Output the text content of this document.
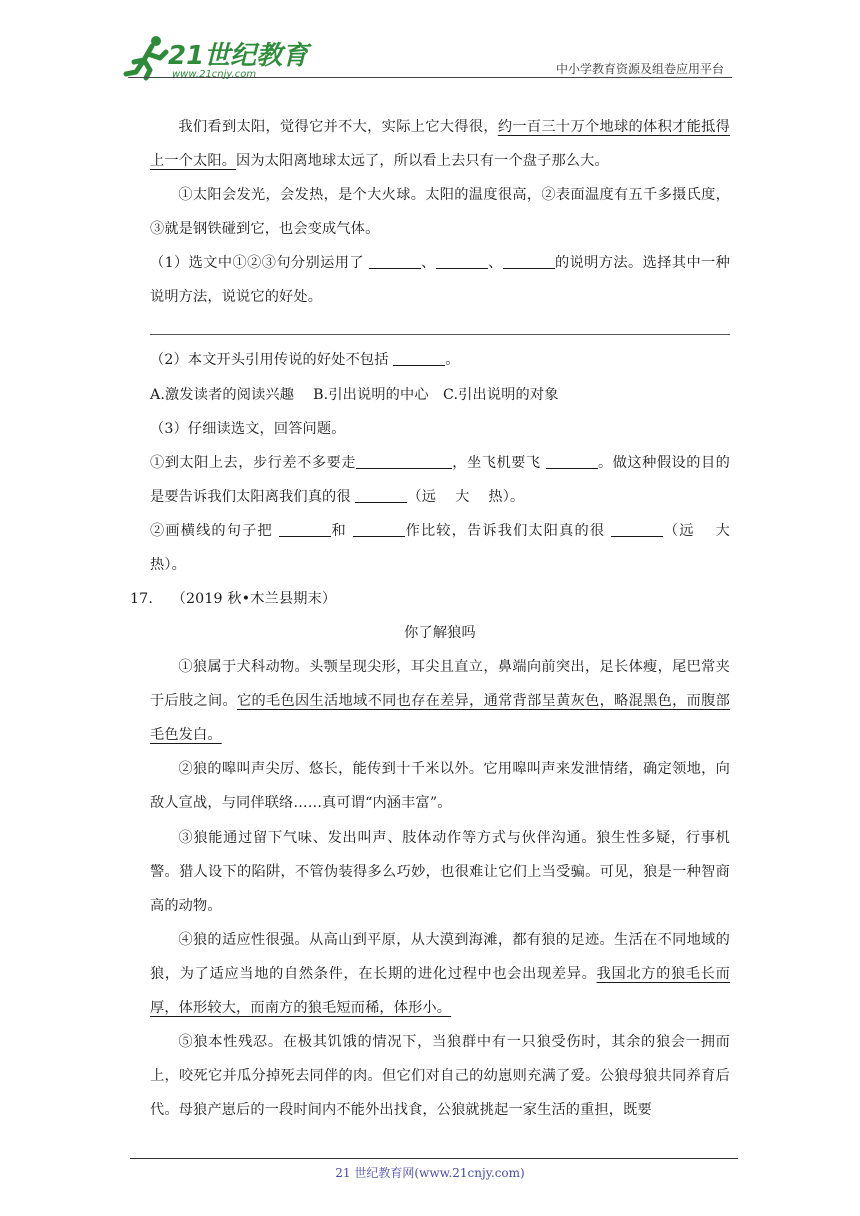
21世纪教育
www.21cnjy.com	中小学教育资源及组卷应用平台

我们看到太阳，觉得它并不大，实际上它大得很，约一百三十万个地球的体积才能抵得上一个太阳。因为太阳离地球太远了，所以看上去只有一个盘子那么大。

①太阳会发光，会发热，是个大火球。太阳的温度很高，②表面温度有五千多摄氏度，③就是钢铁碰到它，也会变成气体。

（1）选文中①②③句分别运用了	、	、	的说明方法。选择其中一种说明方法，说说它的好处。

（2）本文开头引用传说的好处不包括	。

A.激发读者的阅读兴趣　 B.引出说明的中心　C.引出说明的对象

（3）仔细读选文，回答问题。

①到太阳上去，步行差不多要走	，坐飞机要飞	。做这种假设的目的是要告诉我们太阳离我们真的很	（远　 大　 热）。

②画横线的句子把	和	作比较，告诉我们太阳真的很	（远　 大　热）。

17. （2019 秋•木兰县期末）

你了解狼吗

①狼属于犬科动物。头颚呈现尖形，耳尖且直立，鼻端向前突出，足长体瘦，尾巴常夹于后肢之间。它的毛色因生活地域不同也存在差异，通常背部呈黄灰色，略混黑色，而腹部毛色发白。

②狼的嗥叫声尖厉、悠长，能传到十千米以外。它用嗥叫声来发泄情绪，确定领地，向敌人宣战，与同伴联络……真可谓“内涵丰富”。

③狼能通过留下气味、发出叫声、肢体动作等方式与伙伴沟通。狼生性多疑，行事机警。猎人设下的陷阱，不管伪装得多么巧妙，也很难让它们上当受骗。可见，狼是一种智商高的动物。

④狼的适应性很强。从高山到平原，从大漠到海滩，都有狼的足迹。生活在不同地域的狼，为了适应当地的自然条件，在长期的进化过程中也会出现差异。我国北方的狼毛长而厚，体形较大，而南方的狼毛短而稀，体形小。

⑤狼本性残忍。在极其饥饿的情况下，当狼群中有一只狼受伤时，其余的狼会一拥而上，咬死它并瓜分掉死去同伴的肉。但它们对自己的幼崽则充满了爱。公狼母狼共同养育后代。母狼产崽后的一段时间内不能外出找食，公狼就挑起一家生活的重担，既要

21 世纪教育网(www.21cnjy.com)
